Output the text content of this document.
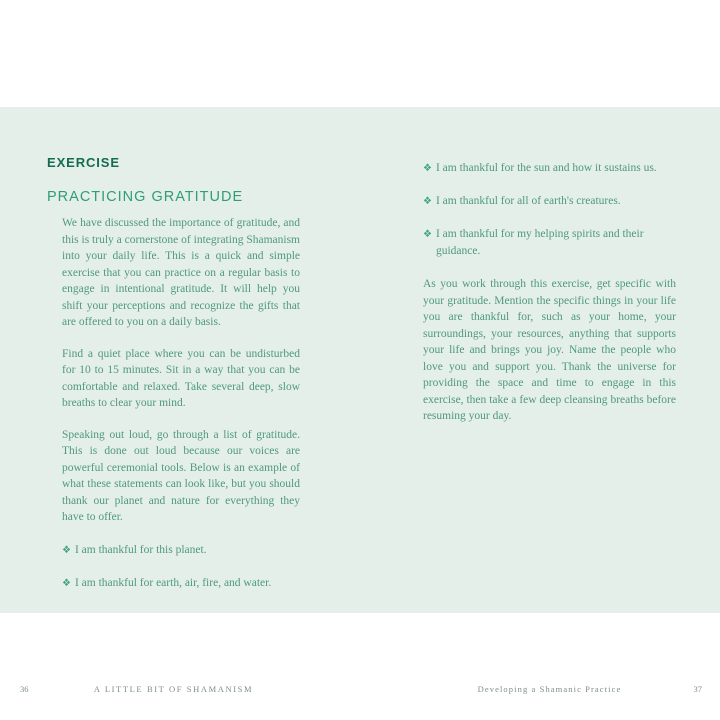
EXERCISE
PRACTICING GRATITUDE

We have discussed the importance of gratitude, and this is truly a cornerstone of integrating Shamanism into your daily life. This is a quick and simple exercise that you can practice on a regular basis to engage in intentional gratitude. It will help you shift your perceptions and recognize the gifts that are offered to you on a daily basis.

Find a quiet place where you can be undisturbed for 10 to 15 minutes. Sit in a way that you can be comfortable and relaxed. Take several deep, slow breaths to clear your mind.

Speaking out loud, go through a list of gratitude. This is done out loud because our voices are powerful ceremonial tools. Below is an example of what these statements can look like, but you should thank our planet and nature for everything they have to offer.

❖ I am thankful for this planet.
❖ I am thankful for earth, air, fire, and water.
❖ I am thankful for the sun and how it sustains us.
❖ I am thankful for all of earth's creatures.
❖ I am thankful for my helping spirits and their guidance.

As you work through this exercise, get specific with your gratitude. Mention the specific things in your life you are thankful for, such as your home, your surroundings, your resources, anything that supports your life and brings you joy. Name the people who love you and support you. Thank the universe for providing the space and time to engage in this exercise, then take a few deep cleansing breaths before resuming your day.

36	A LITTLE BIT OF SHAMANISM	Developing a Shamanic Practice	37
